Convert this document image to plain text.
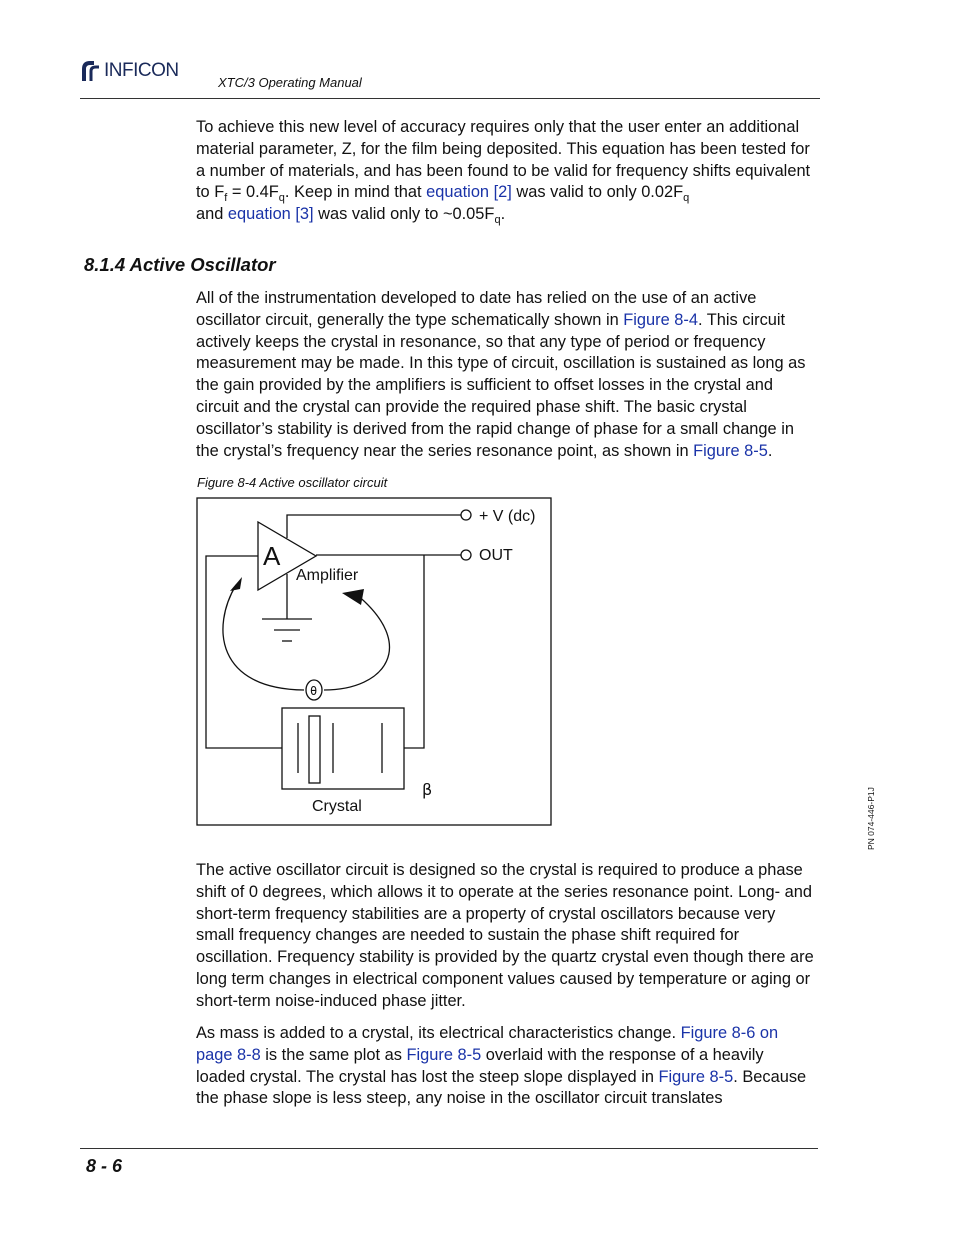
INFICON
XTC/3 Operating Manual

To achieve this new level of accuracy requires only that the user enter an additional material parameter, Z, for the film being deposited. This equation has been tested for a number of materials, and has been found to be valid for frequency shifts equivalent to $F_f = 0.4F_q$. Keep in mind that equation [2] was valid to only $0.02F_q$
and equation [3] was valid only to $\sim 0.05F_q$.

8.1.4 Active Oscillator

All of the instrumentation developed to date has relied on the use of an active oscillator circuit, generally the type schematically shown in Figure 8-4. This circuit actively keeps the crystal in resonance, so that any type of period or frequency measurement may be made. In this type of circuit, oscillation is sustained as long as the gain provided by the amplifiers is sufficient to offset losses in the crystal and circuit and the crystal can provide the required phase shift. The basic crystal oscillator’s stability is derived from the rapid change of phase for a small change in the crystal’s frequency near the series resonance point, as shown in Figure 8-5.

Figure 8-4 Active oscillator circuit
A
+ V (dc)
OUT
Amplifier
θ
Crystal
β

The active oscillator circuit is designed so the crystal is required to produce a phase shift of 0 degrees, which allows it to operate at the series resonance point. Long- and short-term frequency stabilities are a property of crystal oscillators because very small frequency changes are needed to sustain the phase shift required for oscillation. Frequency stability is provided by the quartz crystal even though there are long term changes in electrical component values caused by temperature or aging or short-term noise-induced phase jitter.

As mass is added to a crystal, its electrical characteristics change. Figure 8-6 on page 8-8 is the same plot as Figure 8-5 overlaid with the response of a heavily loaded crystal. The crystal has lost the steep slope displayed in Figure 8-5. Because the phase slope is less steep, any noise in the oscillator circuit translates

PN 074-446-P1J
8 - 6
